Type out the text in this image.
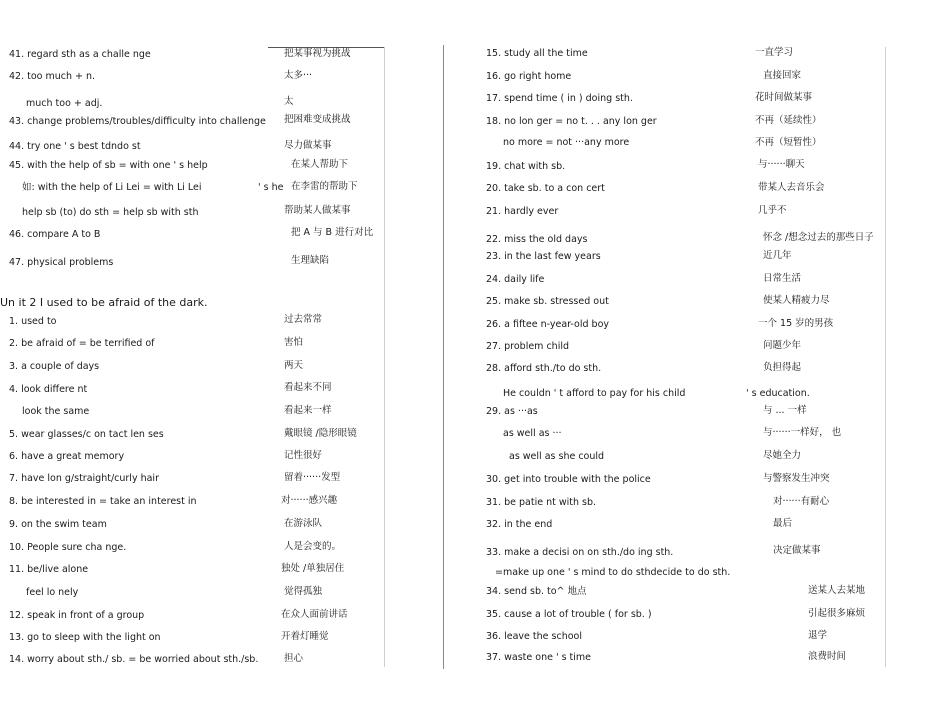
41. regard sth as a challe nge	把某事视为挑战
42. too much + n.	太多···
much too + adj.	太
43. change problems/troubles/difficulty into challenge 把困难变成挑战
44. try one ' s best tdndo st	尽力做某事
45. with the help of sb = with one ' s help	在某人帮助下
如: with the help of Li Lei = with Li Lei	' s he 在李雷的帮助下
help sb (to) do sth = help sb with sth	帮助某人做某事
46. compare A to B	把 A 与 B 进行对比
47. physical problems	生理缺陷
Un it 2 I used to be afraid of the dark.
1. used to	过去常常
2. be afraid of = be terrified of	害怕
3. a couple of days	两天
4. look differe nt	看起来不同
look the same	看起来一样
5. wear glasses/c on tact len ses	戴眼镜 /隐形眼镜
6. have a great memory	记性很好
7. have lon g/straight/curly hair	留着······发型
8. be interested in = take an interest in	对······感兴趣
9. on the swim team	在游泳队
10. People sure cha nge.	人是会变的。
11. be/live alone	独处 /单独居住
feel lo nely	觉得孤独
12. speak in front of a group	在众人面前讲话
13. go to sleep with the light on	开着灯睡觉
14. worry about sth./ sb. = be worried about sth./sb.	担心
15. study all the time	一直学习
16. go right home	直接回家
17. spend time ( in ) doing sth.	花时间做某事
18. no lon ger = no t. . . any lon ger	不再（延续性）
no more = not ···any more	不再（短暂性）
19. chat with sb.	与······聊天
20. take sb. to a con cert	带某人去音乐会
21. hardly ever	几乎不
22. miss the old days	怀念 /想念过去的那些日子
23. in the last few years	近几年
24. daily life	日常生活
25. make sb. stressed out	使某人精疲力尽
26. a fiftee n-year-old boy	一个 15 岁的男孩
27. problem child	问题少年
28. afford sth./to do sth.	负担得起
He couldn ' t afford to pay for his child	' s education.
29. as ···as	与 ... 一样
as well as ···	与······一样好， 也
as well as she could	尽她全力
30. get into trouble with the police	与警察发生冲突
31. be patie nt with sb.	对······有耐心
32. in the end	最后
33. make a decisi on on sth./do ing sth.	决定做某事
=make up one ' s mind to do sthdecide to do sth.
34. send sb. to^ 地点	送某人去某地
35. cause a lot of trouble ( for sb. )	引起很多麻烦
36. leave the school	退学
37. waste one ' s time	浪费时间
